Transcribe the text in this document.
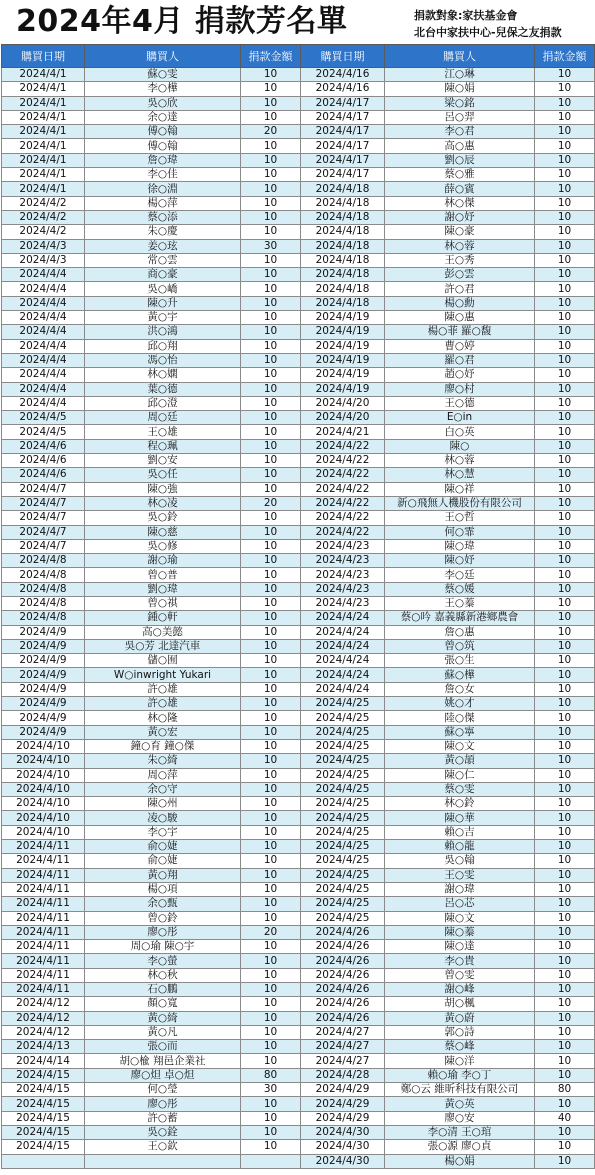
2024年4月 捐款芳名單	捐款對象:家扶基金會
北台中家扶中心-兒保之友捐款
購買日期	購買人	捐款金額	購買日期	購買人	捐款金額
2024/4/1	蘇○雯	10	2024/4/16	江○琳	10
2024/4/1	李○樺	10	2024/4/16	陳○娟	10
2024/4/1	吳○欣	10	2024/4/17	梁○銘	10
2024/4/1	余○達	10	2024/4/17	呂○羿	10
2024/4/1	傅○翰	20	2024/4/17	李○君	10
2024/4/1	傅○翰	10	2024/4/17	高○惠	10
2024/4/1	詹○瑋	10	2024/4/17	劉○辰	10
2024/4/1	李○佳	10	2024/4/17	蔡○雅	10
2024/4/1	徐○淵	10	2024/4/18	薛○賓	10
2024/4/2	楊○萍	10	2024/4/18	林○傑	10
2024/4/2	蔡○添	10	2024/4/18	謝○妤	10
2024/4/2	朱○慶	10	2024/4/18	陳○豪	10
2024/4/3	姜○玹	30	2024/4/18	林○蓉	10
2024/4/3	常○雲	10	2024/4/18	王○秀	10
2024/4/4	商○豪	10	2024/4/18	彭○雲	10
2024/4/4	吳○嶠	10	2024/4/18	許○君	10
2024/4/4	陳○升	10	2024/4/18	楊○勳	10
2024/4/4	黃○宇	10	2024/4/19	陳○惠	10
2024/4/4	洪○鴻	10	2024/4/19	楊○菲 羅○馥	10
2024/4/4	邱○翔	10	2024/4/19	曹○婷	10
2024/4/4	馮○怡	10	2024/4/19	羅○君	10
2024/4/4	林○嫻	10	2024/4/19	趙○妤	10
2024/4/4	葉○德	10	2024/4/19	廖○村	10
2024/4/4	邱○澄	10	2024/4/20	王○德	10
2024/4/5	周○廷	10	2024/4/20	E○in	10
2024/4/5	王○雄	10	2024/4/21	白○英	10
2024/4/6	程○珮	10	2024/4/22	陳○	10
2024/4/6	劉○安	10	2024/4/22	林○蓉	10
2024/4/6	吳○任	10	2024/4/22	林○慧	10
2024/4/7	陳○強	10	2024/4/22	陳○祥	10
2024/4/7	林○凌	20	2024/4/22	新○飛無人機股份有限公司	10
2024/4/7	吳○鈴	10	2024/4/22	王○哲	10
2024/4/7	陳○慈	10	2024/4/22	何○霏	10
2024/4/7	吳○修	10	2024/4/23	陳○瑋	10
2024/4/8	謝○瑜	10	2024/4/23	陳○妤	10
2024/4/8	曾○普	10	2024/4/23	李○廷	10
2024/4/8	劉○瑋	10	2024/4/23	蔡○媛	10
2024/4/8	曾○祺	10	2024/4/23	王○蓁	10
2024/4/8	鍾○軒	10	2024/4/24	蔡○吟 嘉義縣新港鄉農會	10
2024/4/9	高○美懿	10	2024/4/24	詹○惠	10
2024/4/9	吳○芳 北達汽車	10	2024/4/24	曾○筑	10
2024/4/9	儲○囿	10	2024/4/24	張○生	10
2024/4/9	W○inwright Yukari	10	2024/4/24	蘇○樺	10
2024/4/9	許○雄	10	2024/4/24	詹○女	10
2024/4/9	許○雄	10	2024/4/25	姚○才	10
2024/4/9	林○隆	10	2024/4/25	陸○傑	10
2024/4/9	黃○宏	10	2024/4/25	蘇○寧	10
2024/4/10	鐘○育 鐘○傑	10	2024/4/25	陳○文	10
2024/4/10	朱○綺	10	2024/4/25	黃○頡	10
2024/4/10	周○萍	10	2024/4/25	陳○仁	10
2024/4/10	余○守	10	2024/4/25	蔡○雯	10
2024/4/10	陳○州	10	2024/4/25	林○鈴	10
2024/4/10	凌○駿	10	2024/4/25	陳○華	10
2024/4/10	李○宇	10	2024/4/25	賴○吉	10
2024/4/11	俞○婕	10	2024/4/25	賴○龍	10
2024/4/11	俞○婕	10	2024/4/25	吳○翰	10
2024/4/11	黃○翔	10	2024/4/25	王○雯	10
2024/4/11	楊○項	10	2024/4/25	謝○瑋	10
2024/4/11	余○甄	10	2024/4/25	呂○芯	10
2024/4/11	曾○鈴	10	2024/4/25	陳○文	10
2024/4/11	廖○彤	20	2024/4/26	陳○蓁	10
2024/4/11	周○瑜 陳○宇	10	2024/4/26	陳○達	10
2024/4/11	李○螢	10	2024/4/26	李○貴	10
2024/4/11	林○秋	10	2024/4/26	曾○雯	10
2024/4/11	石○鵬	10	2024/4/26	謝○峰	10
2024/4/12	顏○寬	10	2024/4/26	胡○楓	10
2024/4/12	黃○綺	10	2024/4/26	黃○蔚	10
2024/4/12	黃○凡	10	2024/4/27	郭○詩	10
2024/4/13	張○而	10	2024/4/27	蔡○峰	10
2024/4/14	胡○楡 翔邑企業社	10	2024/4/27	陳○洋	10
2024/4/15	廖○炟 卓○炟	80	2024/4/28	賴○瑜 李○丁	10
2024/4/15	何○瑩	30	2024/4/29	鄭○云 維昕科技有限公司	80
2024/4/15	廖○彤	10	2024/4/29	黃○英	10
2024/4/15	許○蓄	10	2024/4/29	廖○安	40
2024/4/15	吳○銓	10	2024/4/30	李○清 王○琯	10
2024/4/15	王○欽	10	2024/4/30	張○源 廖○貞	10
			2024/4/30	楊○娟	10
